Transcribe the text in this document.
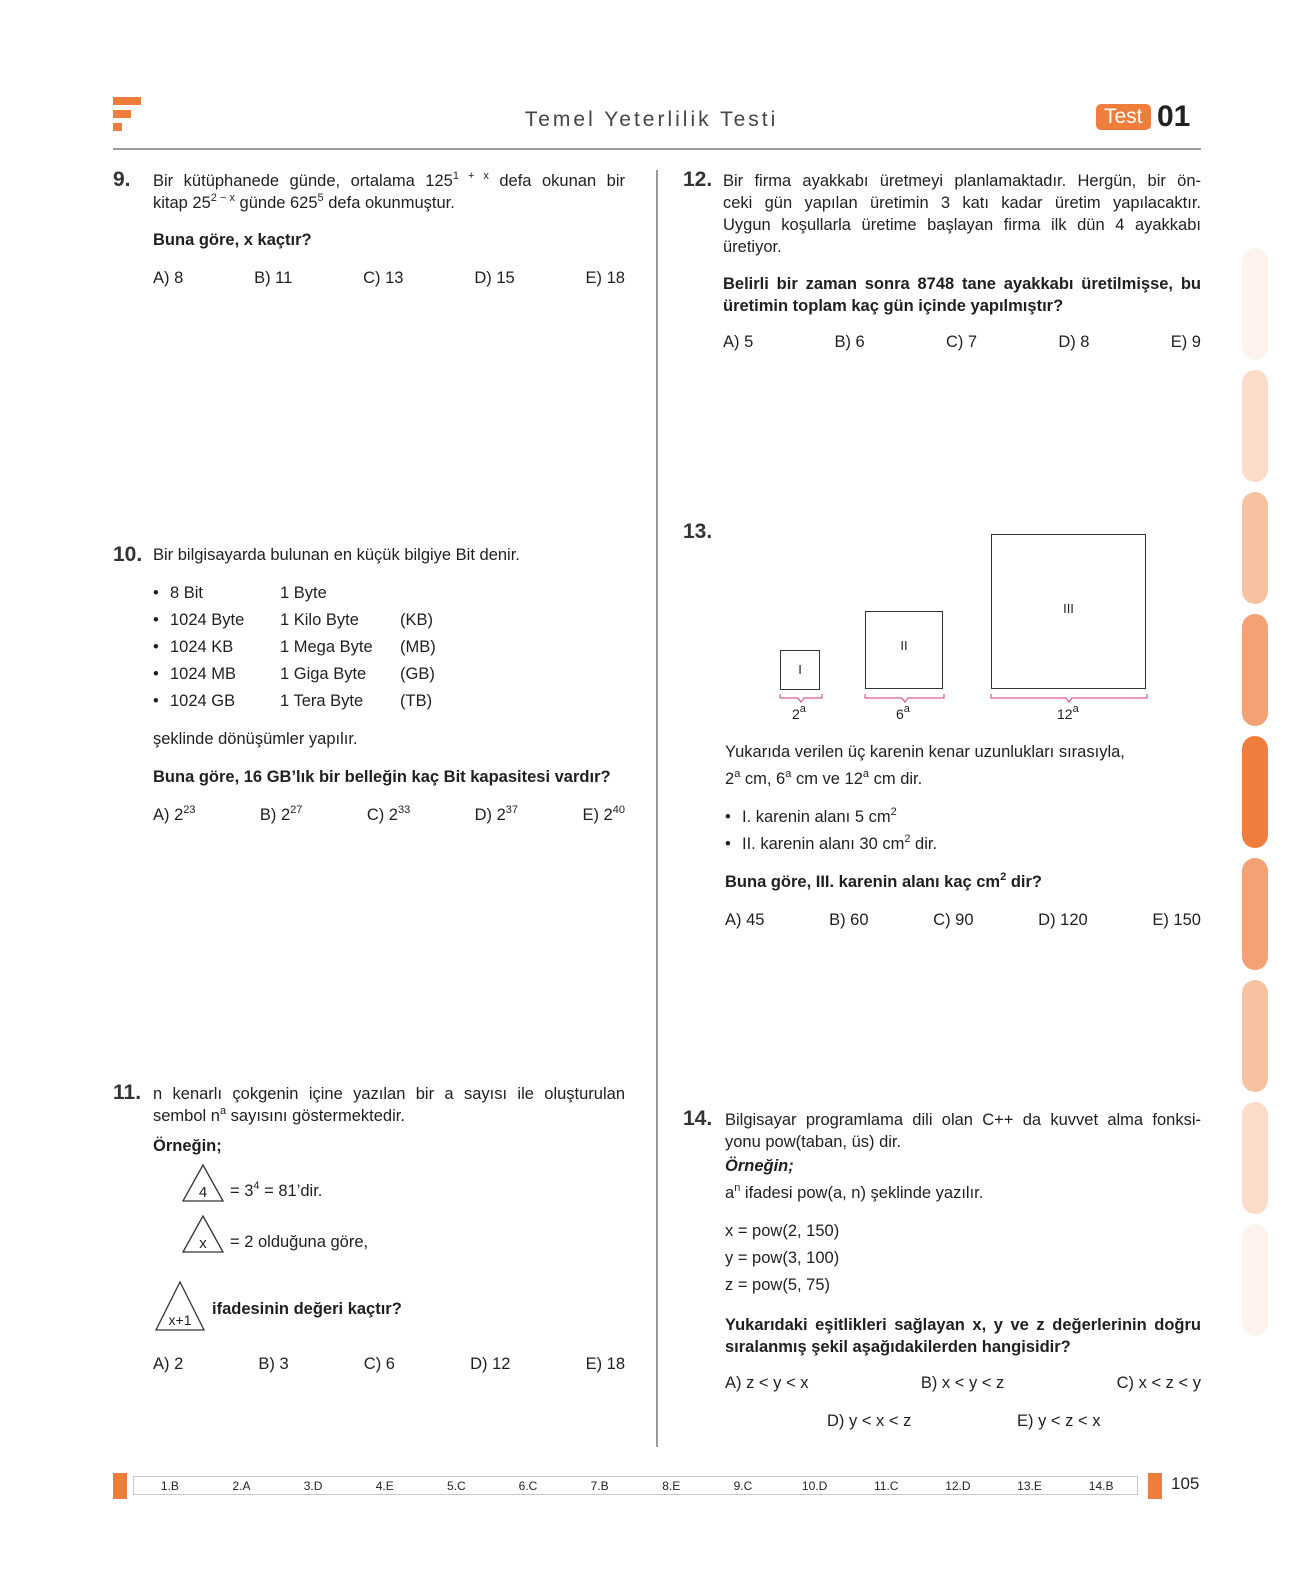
Temel Yeterlilik Testi	Test 01
9. Bir kütüphanede günde, ortalama $125^{1 + x}$ defa okunan bir
kitap $25^{2 - x}$ günde $625^5$ defa okunmuştur.
Buna göre, x kaçtır?
A) 8	B) 11	C) 13	D) 15	E) 18
10. Bir bilgisayarda bulunan en küçük bilgiye Bit denir.
• 8 Bit	1 Byte
• 1024 Byte	1 Kilo Byte	(KB)
• 1024 KB	1 Mega Byte	(MB)
• 1024 MB	1 Giga Byte	(GB)
• 1024 GB	1 Tera Byte	(TB)
şeklinde dönüşümler yapılır.
Buna göre, 16 GB’lık bir belleğin kaç Bit kapasitesi vardır?
A) $2^{23}$	B) $2^{27}$	C) $2^{33}$	D) $2^{37}$	E) $2^{40}$
11. n kenarlı çokgenin içine yazılan bir a sayısı ile oluşturulan
sembol $n^a$ sayısını göstermektedir.
Örneğin;
$4 = 3^4$ = 81’dir.
x = 2 olduğuna göre,
x+1
ifadesinin değeri kaçtır?
A) 2	B) 3	C) 6	D) 12	E) 18
12. Bir firma ayakkabı üretmeyi planlamaktadır. Hergün, bir ön-
ceki gün yapılan üretimin 3 katı kadar üretim yapılacaktır.
Uygun koşullarla üretime başlayan firma ilk dün 4 ayakkabı
üretiyor.
Belirli bir zaman sonra 8748 tane ayakkabı üretilmişse, bu
üretimin toplam kaç gün içinde yapılmıştır?
A) 5	B) 6	C) 7	D) 8	E) 9
13.
I
II
III
2$^a$	6$^a$	12$^a$
Yukarıda verilen üç karenin kenar uzunlukları sırasıyla,
2$^a$ cm, 6$^a$ cm ve 12$^a$ cm dir.
• I. karenin alanı 5 $cm^2$
• II. karenin alanı 30 $cm^2$ dir.
Buna göre, III. karenin alanı kaç $cm^2$ dir?
A) 45	B) 60	C) 90	D) 120	E) 150
14. Bilgisayar programlama dili olan C++ da kuvvet alma fonksi-
yonu pow(taban, üs) dir.
Örneğin;
$a^n$ ifadesi pow(a, n) şeklinde yazılır.
x = pow(2, 150)
y = pow(3, 100)
z = pow(5, 75)
Yukarıdaki eşitlikleri sağlayan x, y ve z değerlerinin doğru
sıralanmış şekil aşağıdakilerden hangisidir?
A) z < y < x	B) x < y < z	C) x < z < y
D) y < x < z	E) y < z < x
1.B	2.A	3.D	4.E	5.C	6.C	7.B	8.E	9.C	10.D	11.C	12.D	13.E	14.B	105
